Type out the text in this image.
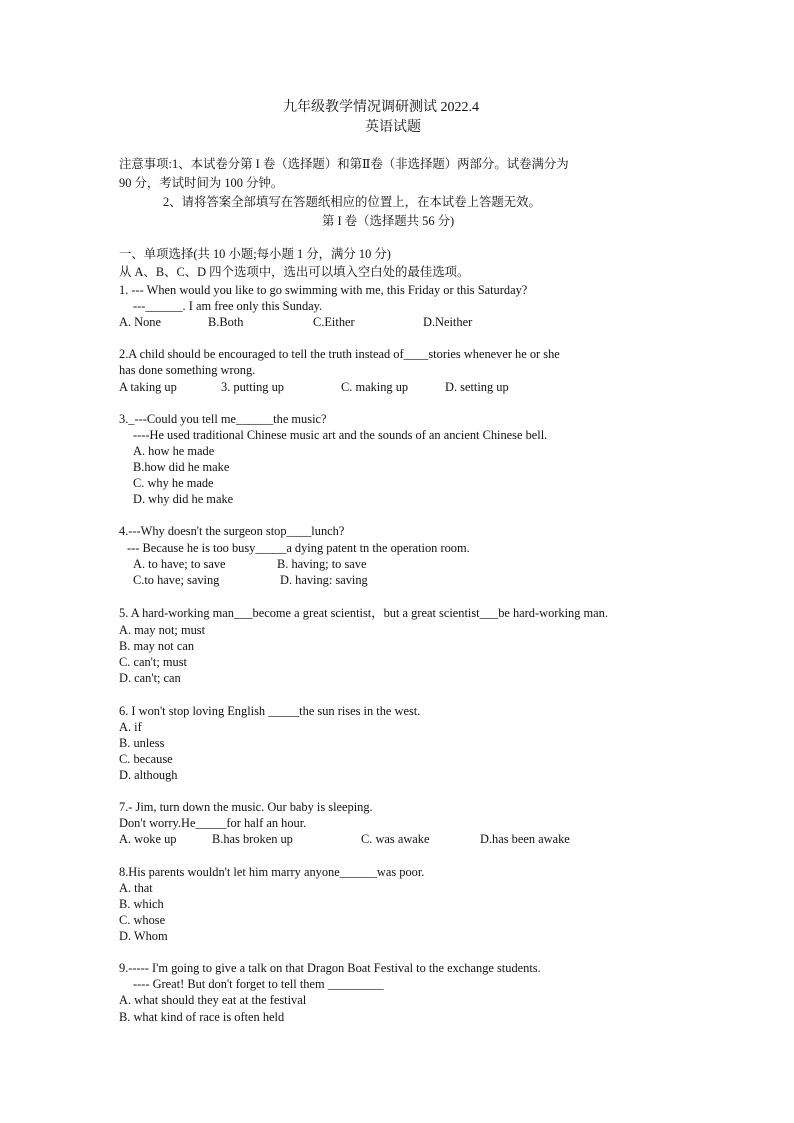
九年级教学情况调研测试 2022.4
英语试题
注意事项:1、本试卷分第 I 卷（选择题）和第Ⅱ卷（非选择题）两部分。试卷满分为
90 分，考试时间为 100 分钟。
2、请将答案全部填写在答题纸相应的位置上，在本试卷上答题无效。
第 I 卷（选择题共 56 分)
一、单项选择(共 10 小题;每小题 1 分，满分 10 分)
从 A、B、C、D 四个选项中，选出可以填入空白处的最佳选项。
1. --- When would you like to go swimming with me, this Friday or this Saturday?
---______. I am free only this Sunday.
A. None	B.Both	C.Either	D.Neither
2.A child should be encouraged to tell the truth instead of____stories whenever he or she
has done something wrong.
A taking up	3. putting up	C. making up	D. setting up
3._---Could you tell me______the music?
----He used traditional Chinese music art and the sounds of an ancient Chinese bell.
A. how he made
B.how did he make
C. why he made
D. why did he make
4.---Why doesn't the surgeon stop____lunch?
--- Because he is too busy_____a dying patent tn the operation room.
A. to have; to save	B. having; to save
C.to have; saving	D. having: saving
5. A hard-working man___become a great scientist，but a great scientist___be hard-working man.
A. may not; must
B. may not can
C. can't; must
D. can't; can
6. I won't stop loving English _____the sun rises in the west.
A. if
B. unless
C. because
D. although
7.- Jim, turn down the music. Our baby is sleeping.
Don't worry.He_____for half an hour.
A. woke up	B.has broken up	C. was awake	D.has been awake
8.His parents wouldn't let him marry anyone______was poor.
A. that
B. which
C. whose
D. Whom
9.----- I'm going to give a talk on that Dragon Boat Festival to the exchange students.
---- Great! But don't forget to tell them _________
A. what should they eat at the festival
B. what kind of race is often held
